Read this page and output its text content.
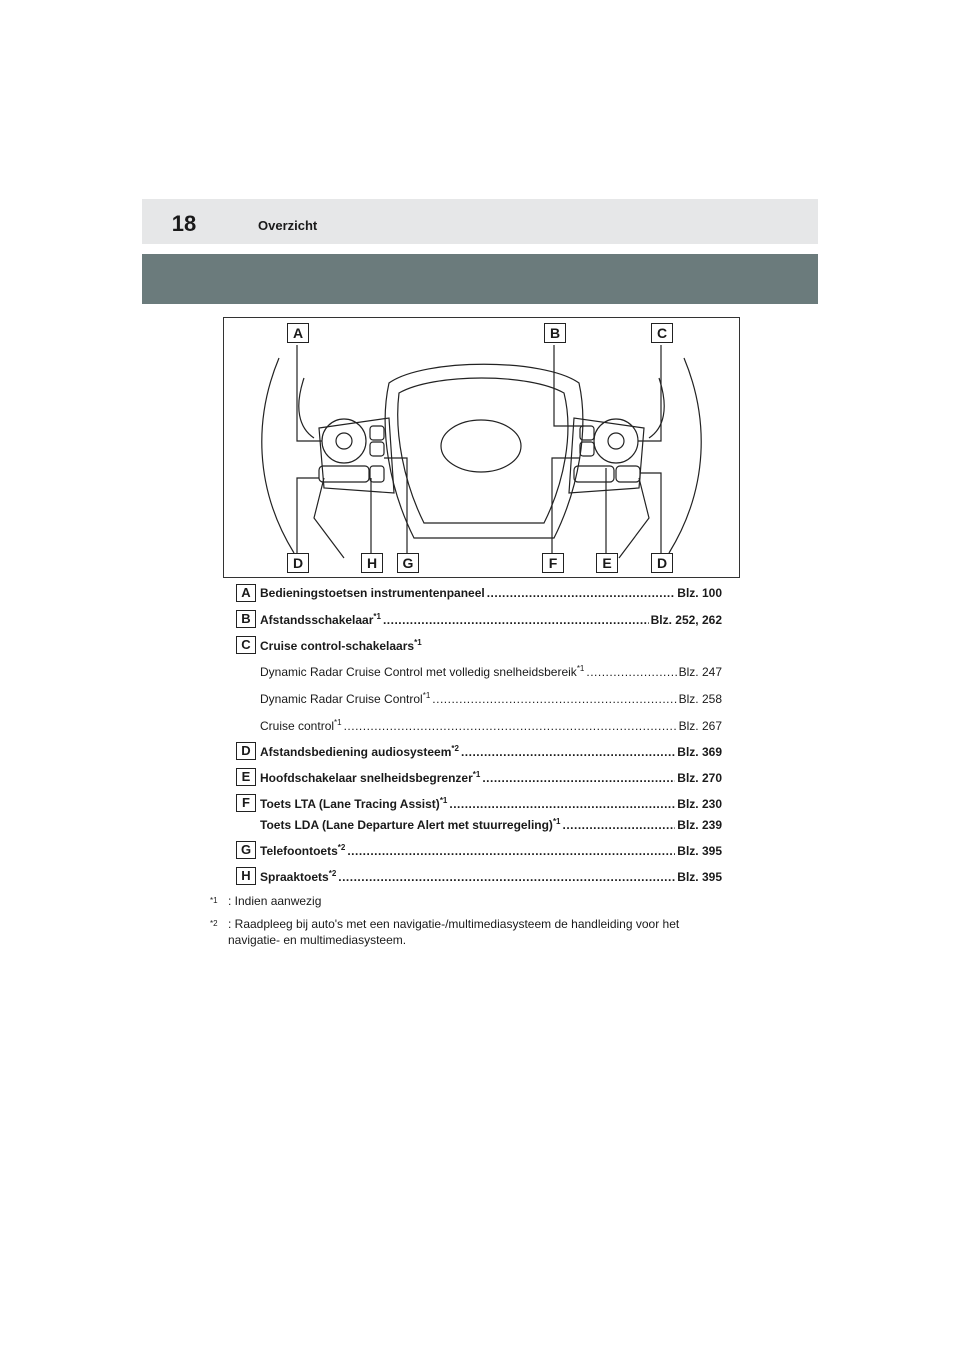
18	Overzicht
A	B	C
D	H	G	F	E	D
A Bedieningstoetsen instrumentenpaneel .....	Blz. 100
B Afstandsschakelaar$^{*1}$ .....	Blz. 252, 262
C Cruise control-schakelaars$^{*1}$
Dynamic Radar Cruise Control met volledig snelheidsbereik$^{*1}$ .....	Blz. 247
Dynamic Radar Cruise Control$^{*1}$ .....	Blz. 258
Cruise control$^{*1}$ .....	Blz. 267
D Afstandsbediening audiosysteem$^{*2}$ .....	Blz. 369
E Hoofdschakelaar snelheidsbegrenzer$^{*1}$ .....	Blz. 270
F Toets LTA (Lane Tracing Assist)$^{*1}$ .....	Blz. 230
Toets LDA (Lane Departure Alert met stuurregeling)$^{*1}$ .....	Blz. 239
G Telefoontoets$^{*2}$ .....	Blz. 395
H Spraaktoets$^{*2}$ .....	Blz. 395
$^{*1}$ : Indien aanwezig
$^{*2}$ : Raadpleeg bij auto's met een navigatie-/multimediasysteem de handleiding voor het navigatie- en multimediasysteem.
